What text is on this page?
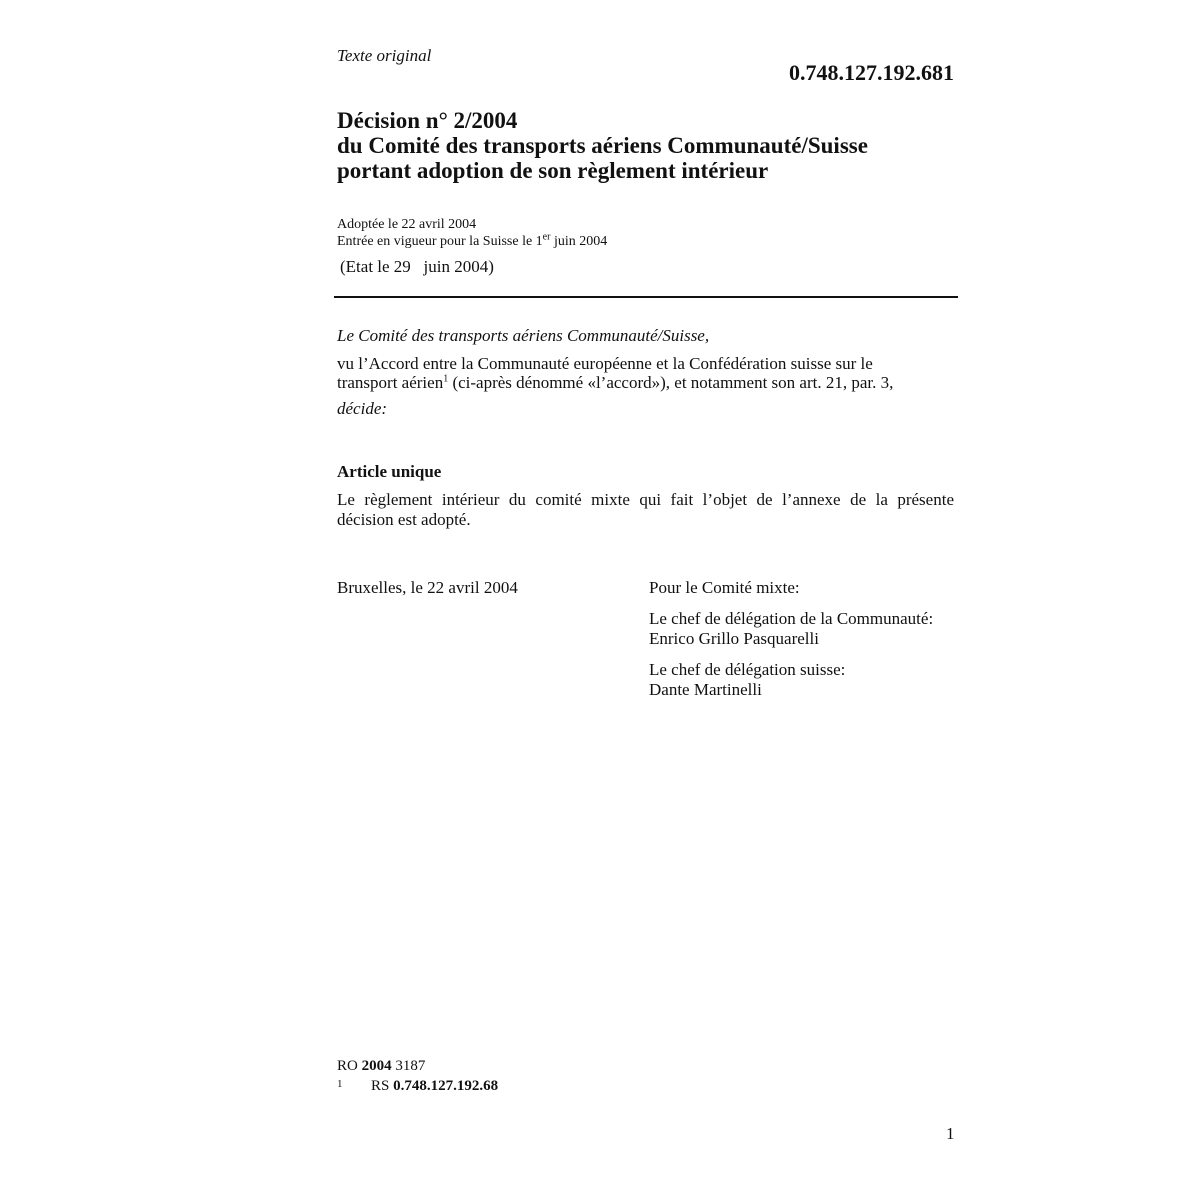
Texte original
0.748.127.192.681
Décision n° 2/2004
du Comité des transports aériens Communauté/Suisse
portant adoption de son règlement intérieur
Adoptée le 22 avril 2004
Entrée en vigueur pour la Suisse le 1er juin 2004
(Etat le 29   juin 2004)
Le Comité des transports aériens Communauté/Suisse,
vu l’Accord entre la Communauté européenne et la Confédération suisse sur le
transport aérien$^1$ (ci-après dénommé «l’accord»), et notamment son art. 21, par. 3,
décide:
Article unique
Le règlement intérieur du comité mixte qui fait l’objet de l’annexe de la présente
décision est adopté.
Bruxelles, le 22 avril 2004	Pour le Comité mixte:
Le chef de délégation de la Communauté:
Enrico Grillo Pasquarelli
Le chef de délégation suisse:
Dante Martinelli
RO 2004 3187
1 RS 0.748.127.192.68
1
